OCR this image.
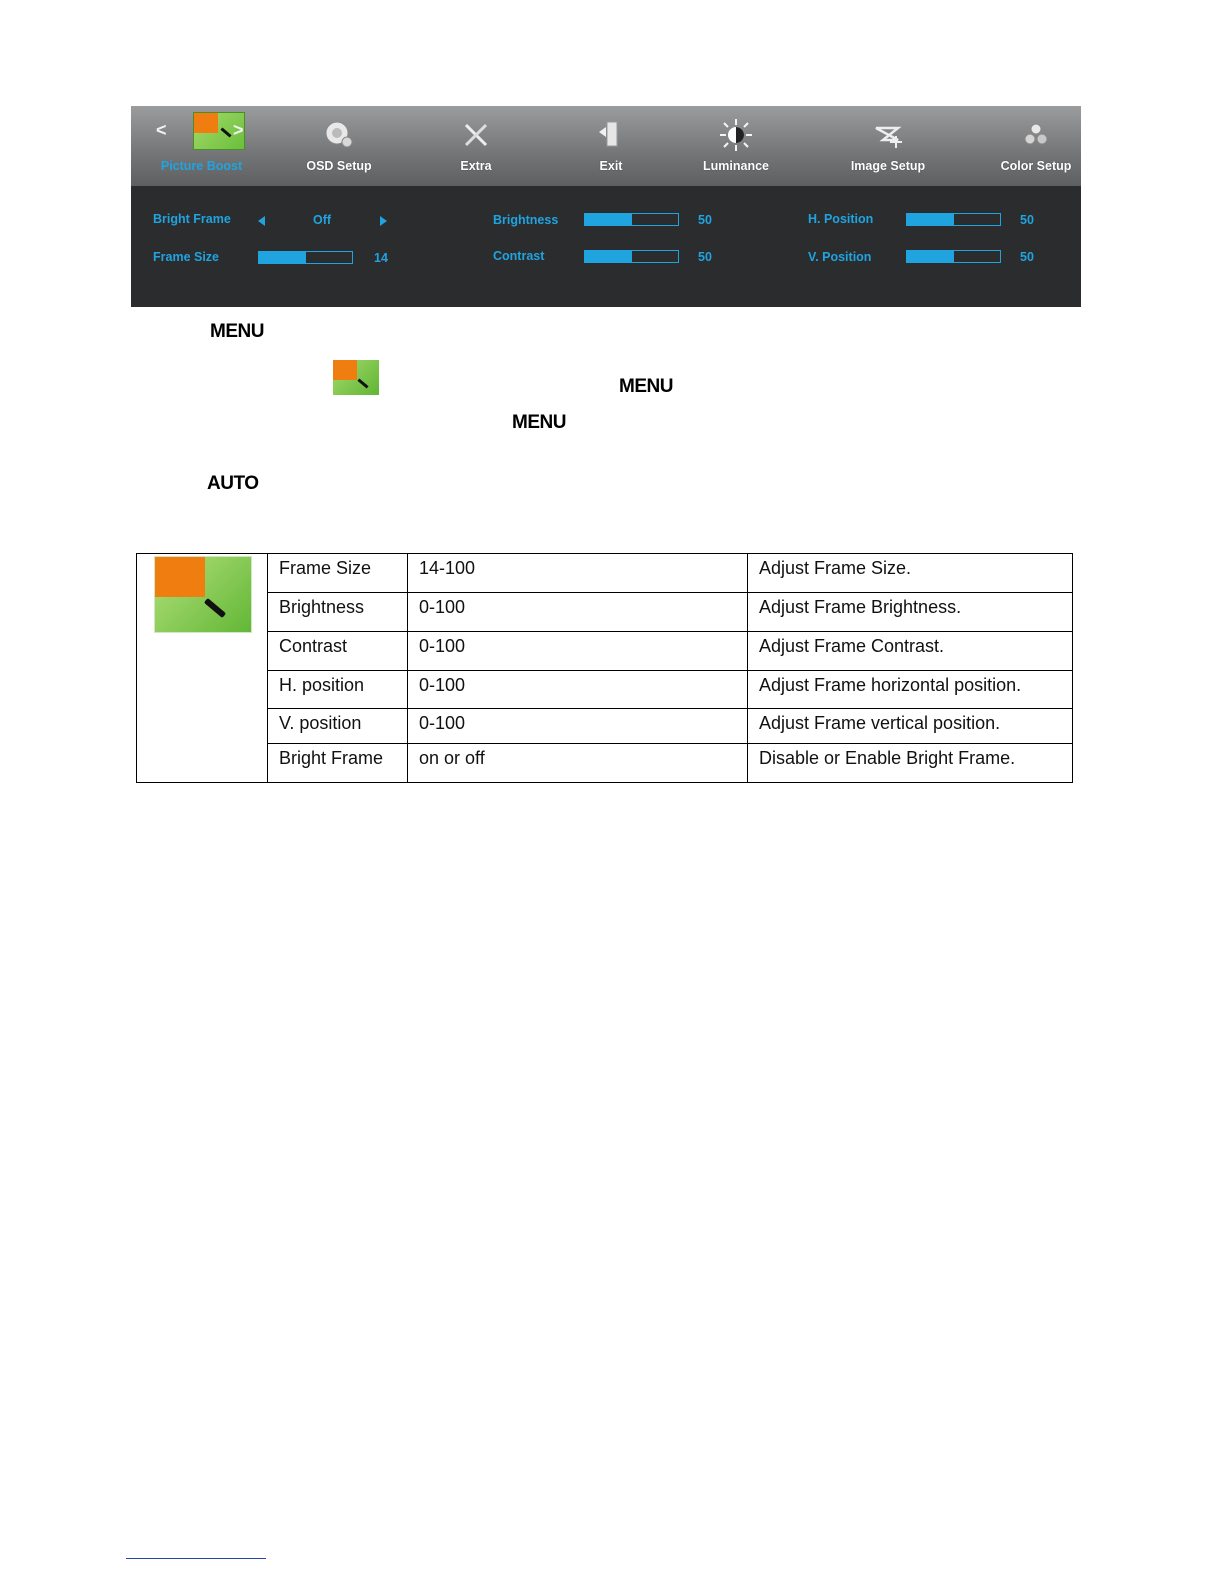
<	>
Picture Boost	OSD Setup	Extra	Exit	Luminance	Image Setup	Color Setup
Bright Frame	Off
Frame Size	14
Brightness	50
Contrast	50
H. Position	50
V. Position	50
MENU
MENU
MENU
AUTO
	Frame Size	14-100	Adjust Frame Size.
	Brightness	0-100	Adjust Frame Brightness.
	Contrast	0-100	Adjust Frame Contrast.
	H. position	0-100	Adjust Frame horizontal position.
	V. position	0-100	Adjust Frame vertical position.
	Bright Frame	on or off	Disable or Enable Bright Frame.
